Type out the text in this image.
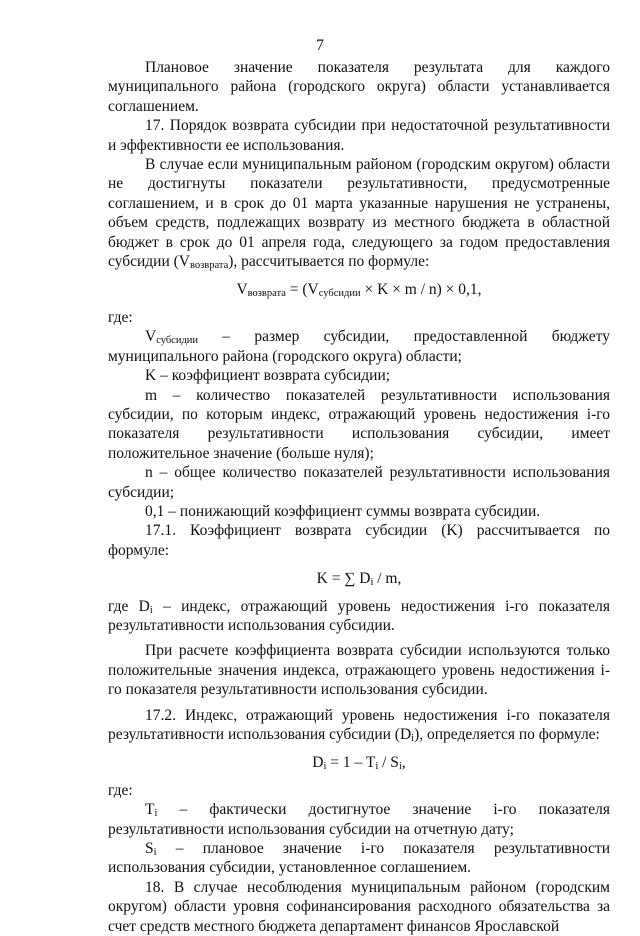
7

Плановое значение показателя результата для каждого муниципального района (городского округа) области устанавливается соглашением.

17. Порядок возврата субсидии при недостаточной результативности и эффективности ее использования.

В случае если муниципальным районом (городским округом) области не достигнуты показатели результативности, предусмотренные соглашением, и в срок до 01 марта указанные нарушения не устранены, объем средств, подлежащих возврату из местного бюджета в областной бюджет в срок до 01 апреля года, следующего за годом предоставления субсидии $(V_{возврата})$, рассчитывается по формуле:

$V_{возврата} = (V_{субсидии} \times K \times m / n) \times 0,1$,

где:

$V_{субсидии}$ – размер субсидии, предоставленной бюджету муниципального района (городского округа) области;

K – коэффициент возврата субсидии;

m – количество показателей результативности использования субсидии, по которым индекс, отражающий уровень недостижения i-го показателя результативности использования субсидии, имеет положительное значение (больше нуля);

n – общее количество показателей результативности использования субсидии;

0,1 – понижающий коэффициент суммы возврата субсидии.

17.1. Коэффициент возврата субсидии (K) рассчитывается по формуле:

K = ∑ $D_i$ / m,

где $D_i$ – индекс, отражающий уровень недостижения i-го показателя результативности использования субсидии.

При расчете коэффициента возврата субсидии используются только положительные значения индекса, отражающего уровень недостижения i-го показателя результативности использования субсидии.

17.2. Индекс, отражающий уровень недостижения i-го показателя результативности использования субсидии $(D_i)$, определяется по формуле:

$D_i = 1 - T_i / S_i$,

где:

$T_i$ – фактически достигнутое значение i-го показателя результативности использования субсидии на отчетную дату;

$S_i$ – плановое значение i-го показателя результативности использования субсидии, установленное соглашением.

18. В случае несоблюдения муниципальным районом (городским округом) области уровня софинансирования расходного обязательства за счет средств местного бюджета департамент финансов Ярославской
